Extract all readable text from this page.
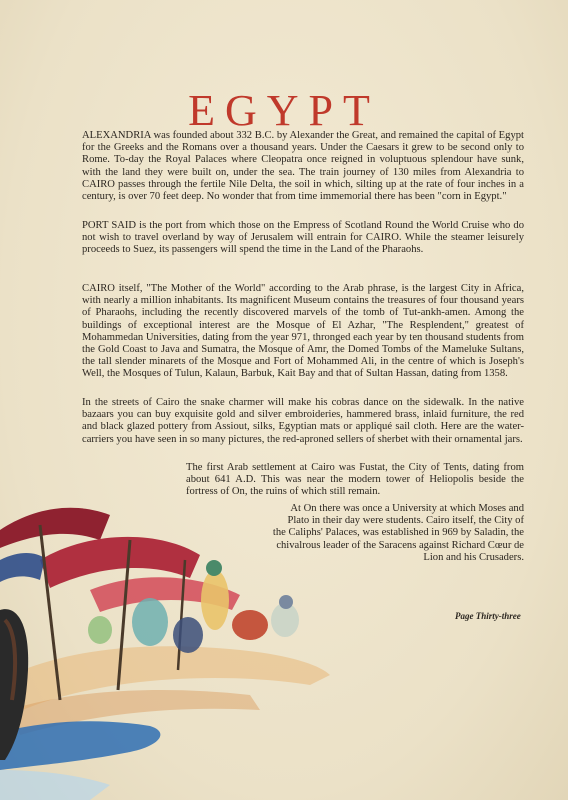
EGYPT

ALEXANDRIA was founded about 332 B.C. by Alexander the Great, and remained the capital of Egypt for the Greeks and the Romans over a thousand years. Under the Caesars it grew to be second only to Rome. To-day the Royal Palaces where Cleopatra once reigned in voluptuous splendour have sunk, with the land they were built on, under the sea. The train journey of 130 miles from Alexandria to CAIRO passes through the fertile Nile Delta, the soil in which, silting up at the rate of four inches in a century, is over 70 feet deep. No wonder that from time immemorial there has been "corn in Egypt."

PORT SAID is the port from which those on the Empress of Scotland Round the World Cruise who do not wish to travel overland by way of Jerusalem will entrain for CAIRO. While the steamer leisurely proceeds to Suez, its passengers will spend the time in the Land of the Pharaohs.

CAIRO itself, "The Mother of the World" according to the Arab phrase, is the largest City in Africa, with nearly a million inhabitants. Its magnificent Museum contains the treasures of four thousand years of Pharaohs, including the recently discovered marvels of the tomb of Tut-ankh-amen. Among the buildings of exceptional interest are the Mosque of El Azhar, "The Resplendent," greatest of Mohammedan Universities, dating from the year 971, thronged each year by ten thousand students from the Gold Coast to Java and Sumatra, the Mosque of Amr, the Domed Tombs of the Mameluke Sultans, the tall slender minarets of the Mosque and Fort of Mohammed Ali, in the centre of which is Joseph's Well, the Mosques of Tulun, Kalaun, Barbuk, Kait Bay and that of Sultan Hassan, dating from 1358.

In the streets of Cairo the snake charmer will make his cobras dance on the sidewalk. In the native bazaars you can buy exquisite gold and silver embroideries, hammered brass, inlaid furniture, the red and black glazed pottery from Assiout, silks, Egyptian mats or appliqué sail cloth. Here are the water-carriers you have seen in so many pictures, the red-aproned sellers of sherbet with their ornamental jars.

The first Arab settlement at Cairo was Fustat, the City of Tents, dating from about 641 A.D. This was near the modern tower of Heliopolis beside the fortress of On, the ruins of which still remain.

At On there was once a University at which Moses and Plato in their day were students. Cairo itself, the City of the Caliphs' Palaces, was established in 969 by Saladin, the chivalrous leader of the Saracens against Richard Cœur de Lion and his Crusaders.

Page Thirty-three
